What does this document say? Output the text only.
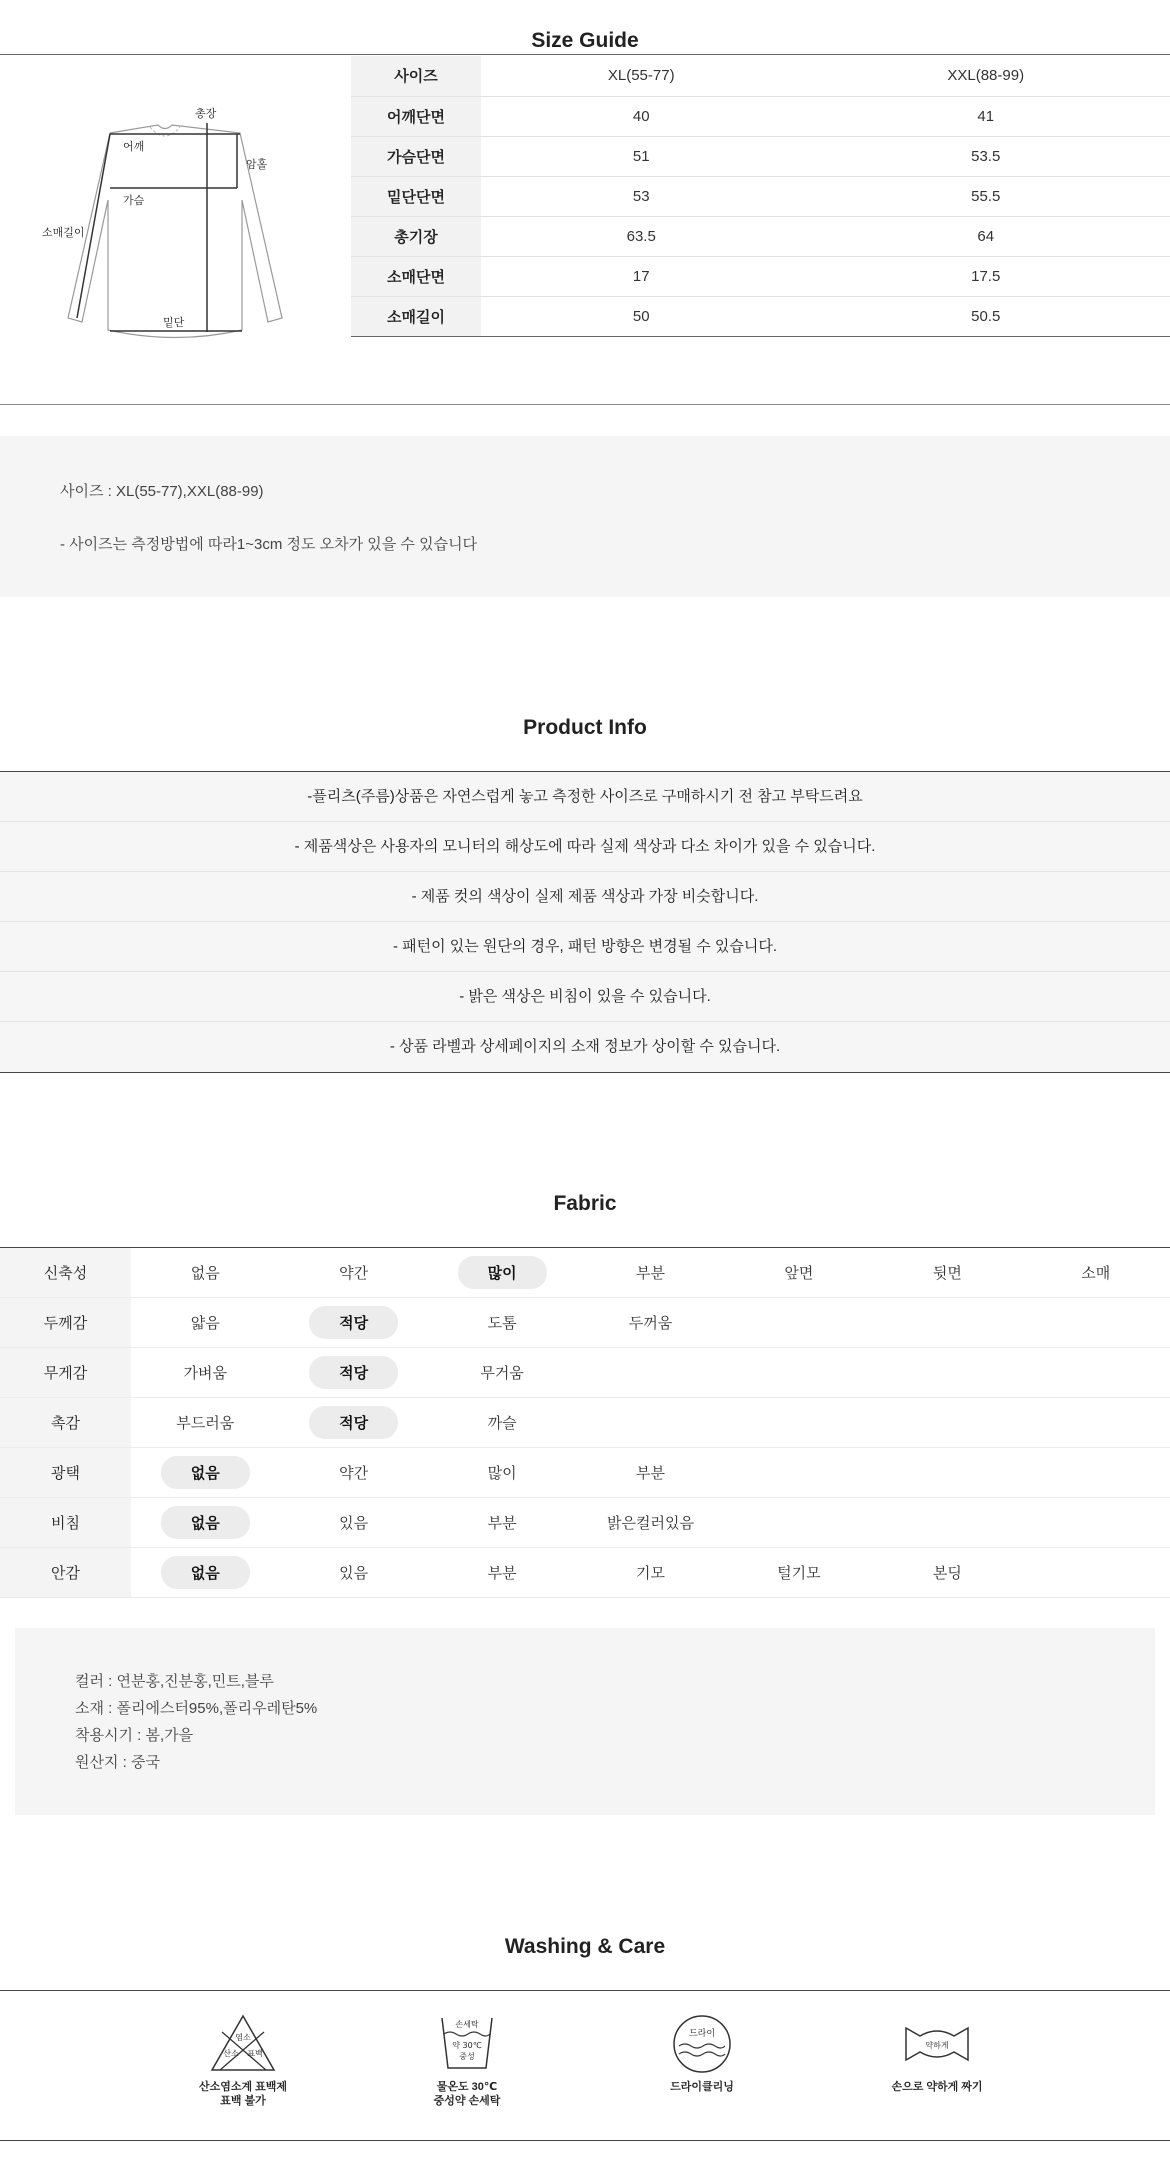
Size Guide
총장
어깨
암홀
가슴
소매길이
밑단
사이즈	XL(55-77)	XXL(88-99)
어깨단면	40	41
가슴단면	51	53.5
밑단단면	53	55.5
총기장	63.5	64
소매단면	17	17.5
소매길이	50	50.5
사이즈 : XL(55-77),XXL(88-99)
- 사이즈는 측정방법에 따라1~3cm 정도 오차가 있을 수 있습니다
Product Info
-플리츠(주름)상품은 자연스럽게 놓고 측정한 사이즈로 구매하시기 전 참고 부탁드려요
- 제품색상은 사용자의 모니터의 해상도에 따라 실제 색상과 다소 차이가 있을 수 있습니다.
- 제품 컷의 색상이 실제 제품 색상과 가장 비슷합니다.
- 패턴이 있는 원단의 경우, 패턴 방향은 변경될 수 있습니다.
- 밝은 색상은 비침이 있을 수 있습니다.
- 상품 라벨과 상세페이지의 소재 정보가 상이할 수 있습니다.
Fabric
신축성	없음	약간	많이	부분	앞면	뒷면	소매
두께감	얇음	적당	도톰	두꺼움			
무게감	가벼움	적당	무거움				
촉감	부드러움	적당	까슬				
광택	없음	약간	많이	부분			
비침	없음	있음	부분	밝은컬러있음			
안감	없음	있음	부분	기모	털기모	본딩	
컬러 : 연분홍,진분홍,민트,블루
소재 : 폴리에스터95%,폴리우레탄5%
착용시기 : 봄,가을
원산지 : 중국
Washing & Care
염소
산소 표백
산소염소계 표백제
표백 불가
손세탁
약 30℃
중성
물온도 30℃
중성약 손세탁
드라이
드라이클리닝
약하게
손으로 약하게 짜기
